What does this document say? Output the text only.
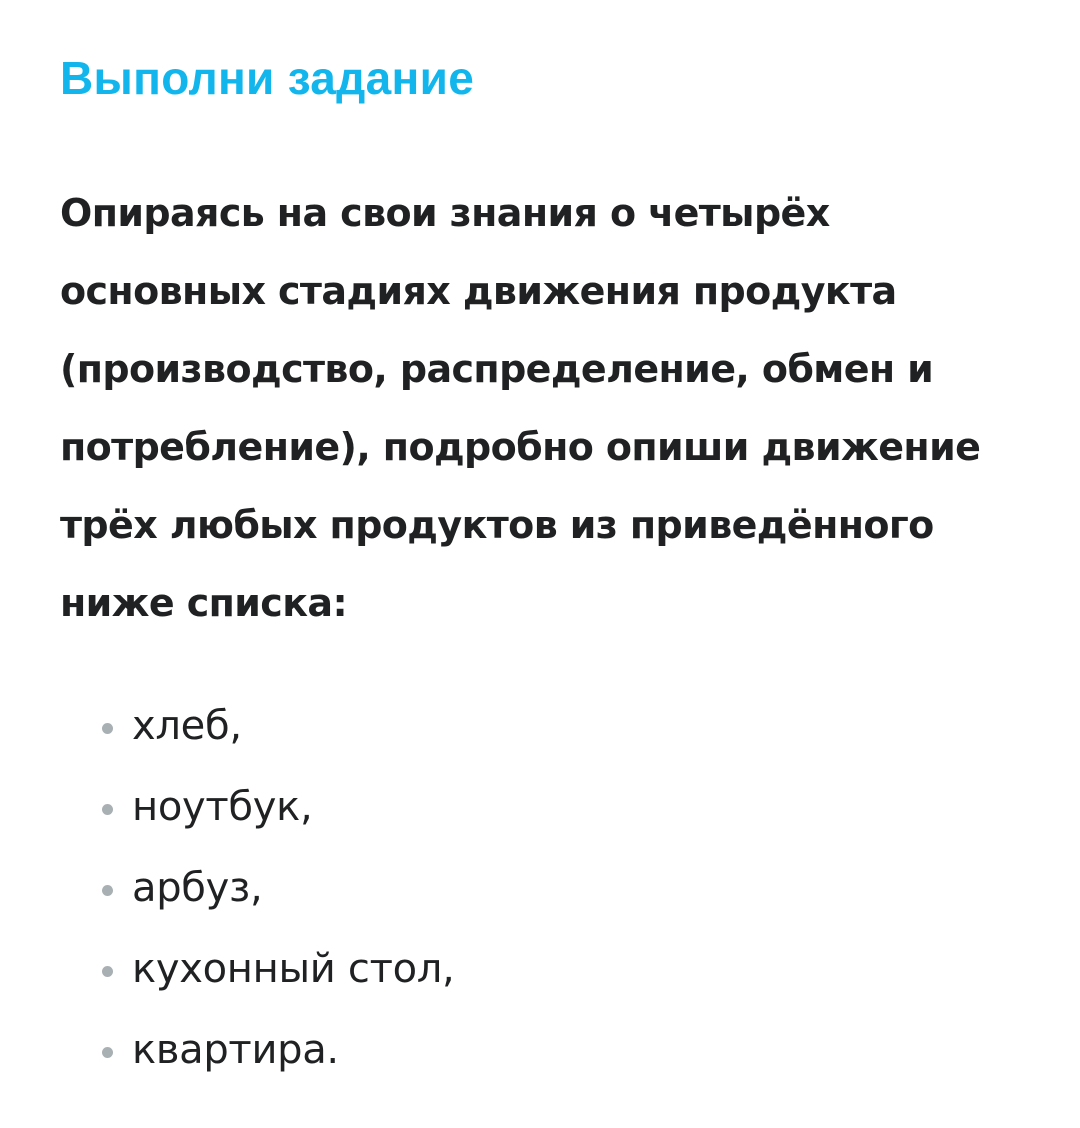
Выполни задание

Опираясь на свои знания о четырёх основных стадиях движения продукта (производство, распределение, обмен и потребление), подробно опиши движение трёх любых продуктов из приведённого ниже списка:

хлеб,
ноутбук,
арбуз,
кухонный стол,
квартира.
